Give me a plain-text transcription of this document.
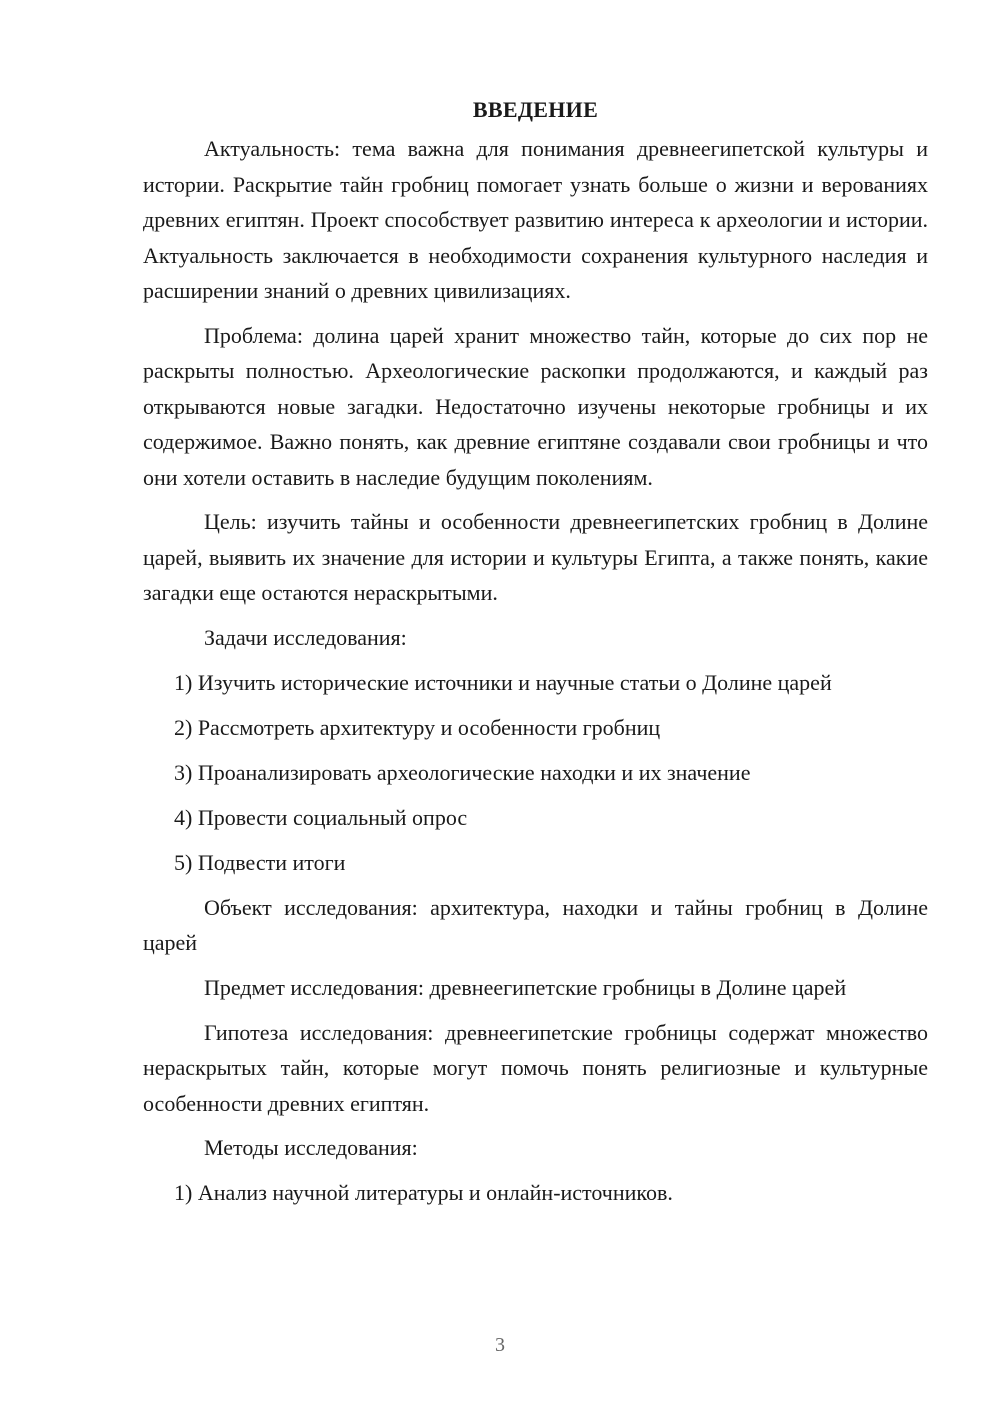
ВВЕДЕНИЕ

Актуальность: тема важна для понимания древнеегипетской культуры и истории. Раскрытие тайн гробниц помогает узнать больше о жизни и верованиях древних египтян. Проект способствует развитию интереса к археологии и истории. Актуальность заключается в необходимости сохранения культурного наследия и расширении знаний о древних цивилизациях.

Проблема: долина царей хранит множество тайн, которые до сих пор не раскрыты полностью. Археологические раскопки продолжаются, и каждый раз открываются новые загадки. Недостаточно изучены некоторые гробницы и их содержимое. Важно понять, как древние египтяне создавали свои гробницы и что они хотели оставить в наследие будущим поколениям.

Цель: изучить тайны и особенности древнеегипетских гробниц в Долине царей, выявить их значение для истории и культуры Египта, а также понять, какие загадки еще остаются нераскрытыми.

Задачи исследования:
1) Изучить исторические источники и научные статьи о Долине царей
2) Рассмотреть архитектуру и особенности гробниц
3) Проанализировать археологические находки и их значение
4) Провести социальный опрос
5) Подвести итоги

Объект исследования: архитектура, находки и тайны гробниц в Долине царей

Предмет исследования: древнеегипетские гробницы в Долине царей

Гипотеза исследования: древнеегипетские гробницы содержат множество нераскрытых тайн, которые могут помочь понять религиозные и культурные особенности древних египтян.

Методы исследования:
1) Анализ научной литературы и онлайн-источников.
3
